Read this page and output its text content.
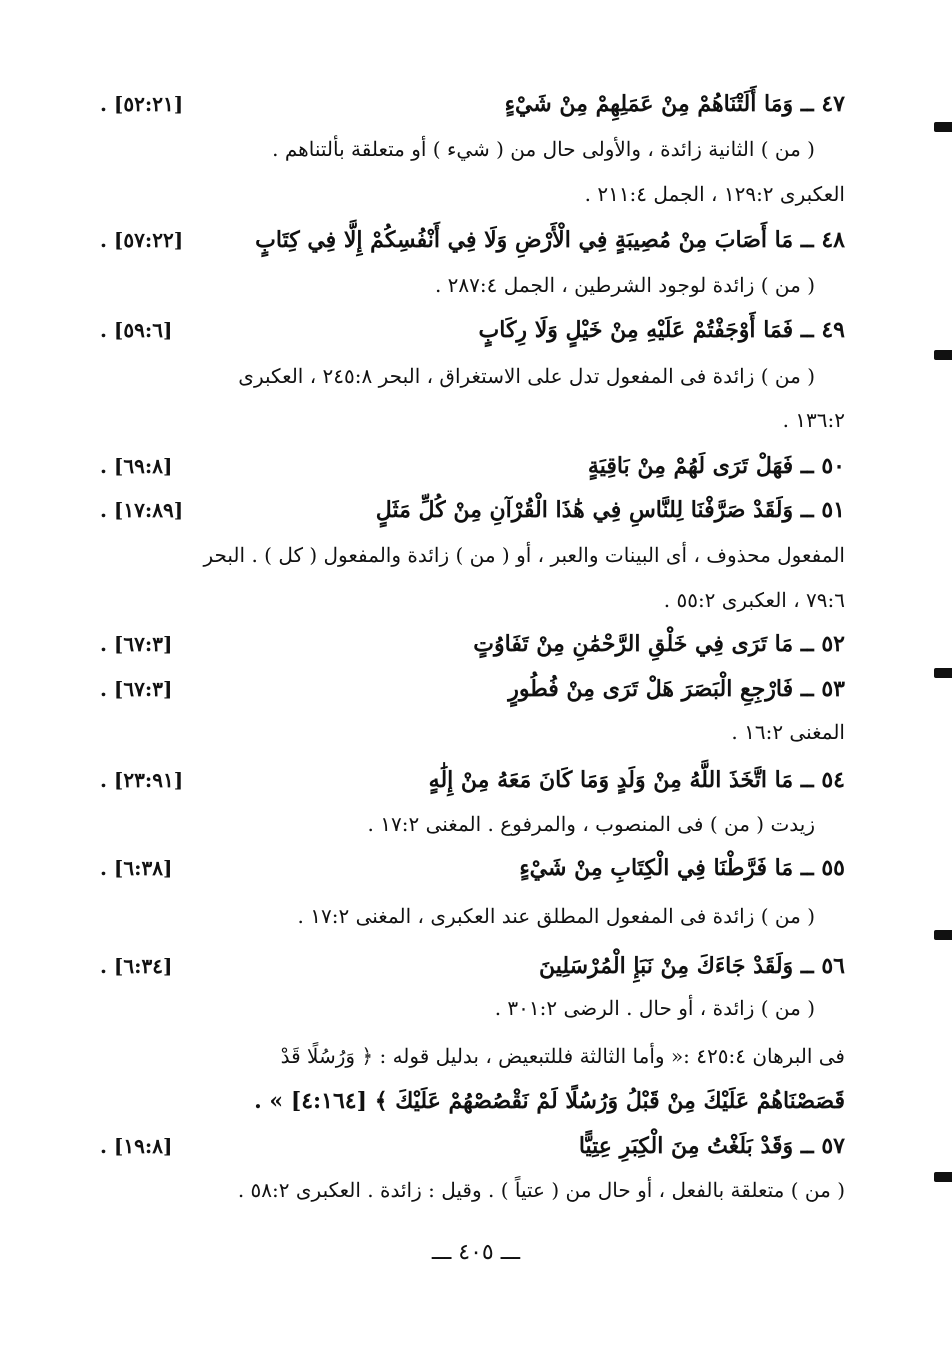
٤٧ ــ وَمَا أَلَتْنَاهُمْ مِنْ عَمَلِهِمْ مِنْ شَيْءٍ
[٥٢:٢١] .
( من ) الثانية زائدة ، والأولى حال من ( شيء ) أو متعلقة بألتناهم .
العكبرى ١٢٩:٢ ، الجمل ٢١١:٤ .
٤٨ ــ مَا أَصَابَ مِنْ مُصِيبَةٍ فِي الْأَرْضِ وَلَا فِي أَنْفُسِكُمْ إِلَّا فِي كِتَابٍ
[٥٧:٢٢] .
( من ) زائدة لوجود الشرطين ، الجمل ٢٨٧:٤ .
٤٩ ــ فَمَا أَوْجَفْتُمْ عَلَيْهِ مِنْ خَيْلٍ وَلَا رِكَابٍ
[٥٩:٦] .
( من ) زائدة فى المفعول تدل على الاستغراق ، البحر ٢٤٥:٨ ، العكبرى
١٣٦:٢ .
٥٠ ــ فَهَلْ تَرَى لَهُمْ مِنْ بَاقِيَةٍ
[٦٩:٨] .
٥١ ــ وَلَقَدْ صَرَّفْنَا لِلنَّاسِ فِي هَٰذَا الْقُرْآنِ مِنْ كُلِّ مَثَلٍ
[١٧:٨٩] .
المفعول محذوف ، أى البينات والعبر ، أو ( من ) زائدة والمفعول ( كل ) . البحر
٧٩:٦ ، العكبرى ٥٥:٢ .
٥٢ ــ مَا تَرَى فِي خَلْقِ الرَّحْمَٰنِ مِنْ تَفَاوُتٍ
[٦٧:٣] .
٥٣ ــ فَارْجِعِ الْبَصَرَ هَلْ تَرَى مِنْ فُطُورٍ
[٦٧:٣] .
المغنى ١٦:٢ .
٥٤ ــ مَا اتَّخَذَ اللَّهُ مِنْ وَلَدٍ وَمَا كَانَ مَعَهُ مِنْ إِلَٰهٍ
[٢٣:٩١] .
زيدت ( من ) فى المنصوب ، والمرفوع . المغنى ١٧:٢ .
٥٥ ــ مَا فَرَّطْنَا فِي الْكِتَابِ مِنْ شَيْءٍ
[٦:٣٨] .
( من ) زائدة فى المفعول المطلق عند العكبرى ، المغنى ١٧:٢ .
٥٦ ــ وَلَقَدْ جَاءَكَ مِنْ نَبَإِ الْمُرْسَلِينَ
[٦:٣٤] .
( من ) زائدة ، أو حال . الرضى ٣٠١:٢ .
فى البرهان ٤٢٥:٤ :« وأما الثالثة فللتبعيض ، بدليل قوله : ﴿ وَرُسُلًا قَدْ
قَصَصْنَاهُمْ عَلَيْكَ مِنْ قَبْلُ وَرُسُلًا لَمْ نَقْصُصْهُمْ عَلَيْكَ ﴾ [٤:١٦٤] » .
٥٧ ــ وَقَدْ بَلَغْتُ مِنَ الْكِبَرِ عِتِيًّا
[١٩:٨] .
( من ) متعلقة بالفعل ، أو حال من ( عتياً ) . وقيل : زائدة . العكبرى ٥٨:٢ .
ـــ ٤٠٥ ـــ
